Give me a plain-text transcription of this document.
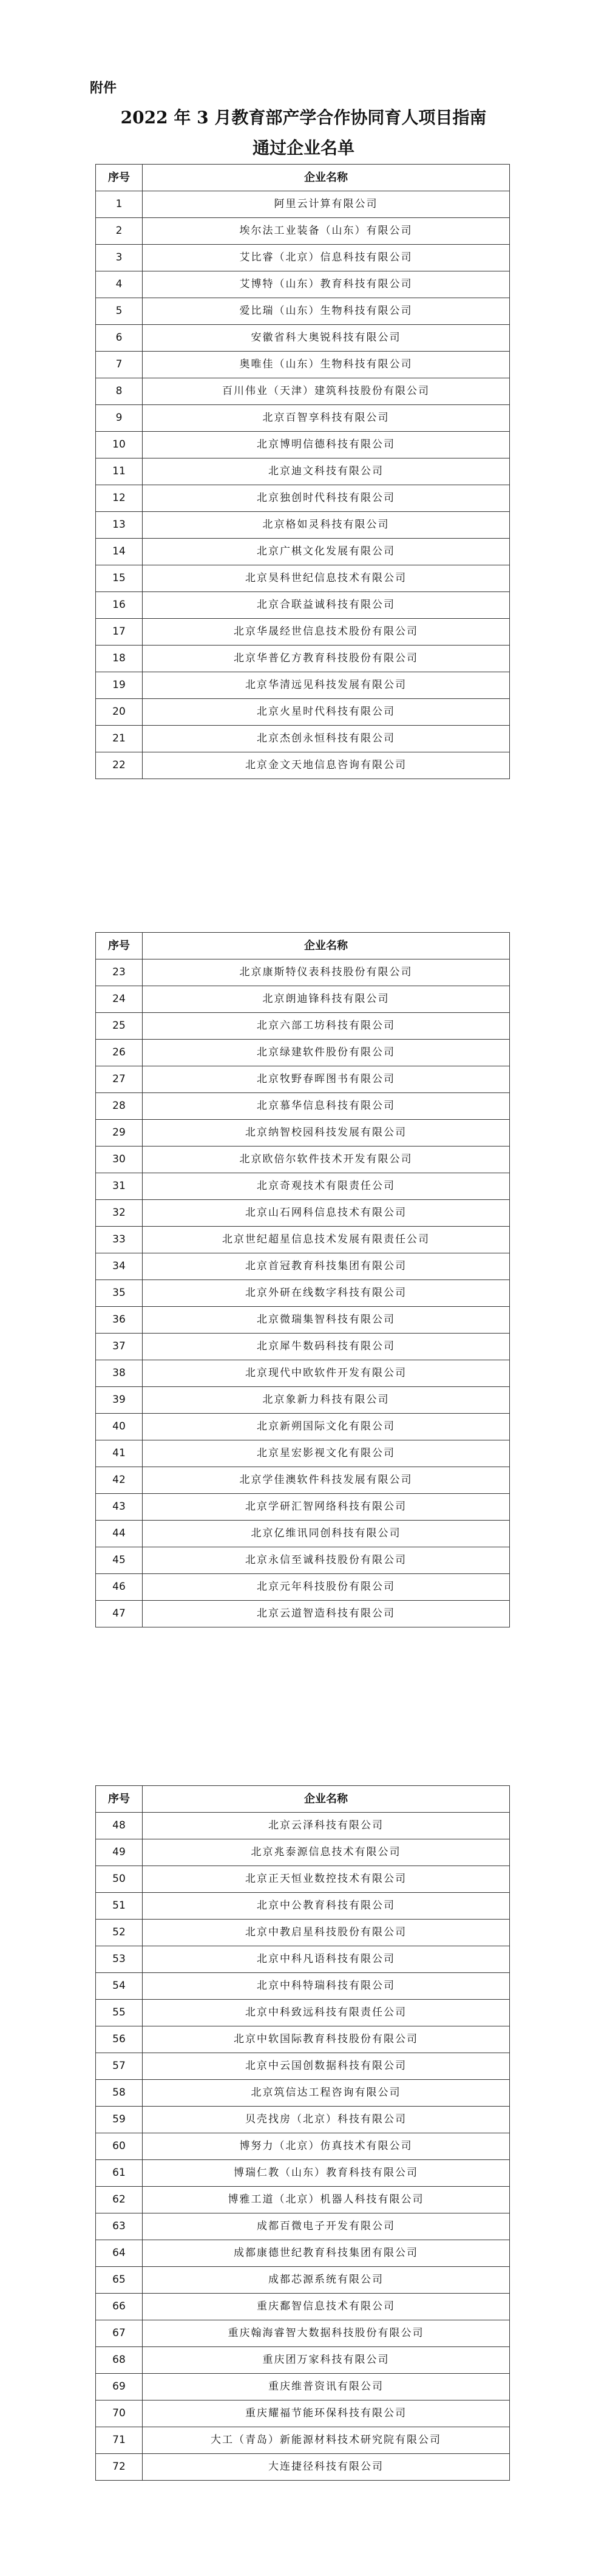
附件
2022 年 3 月教育部产学合作协同育人项目指南
通过企业名单
序号	企业名称
1	阿里云计算有限公司
2	埃尔法工业装备（山东）有限公司
3	艾比睿（北京）信息科技有限公司
4	艾博特（山东）教育科技有限公司
5	爱比瑞（山东）生物科技有限公司
6	安徽省科大奥锐科技有限公司
7	奥唯佳（山东）生物科技有限公司
8	百川伟业（天津）建筑科技股份有限公司
9	北京百智享科技有限公司
10	北京博明信德科技有限公司
11	北京迪文科技有限公司
12	北京独创时代科技有限公司
13	北京格如灵科技有限公司
14	北京广棋文化发展有限公司
15	北京昊科世纪信息技术有限公司
16	北京合联益诚科技有限公司
17	北京华晟经世信息技术股份有限公司
18	北京华普亿方教育科技股份有限公司
19	北京华清远见科技发展有限公司
20	北京火星时代科技有限公司
21	北京杰创永恒科技有限公司
22	北京金文天地信息咨询有限公司
序号	企业名称
23	北京康斯特仪表科技股份有限公司
24	北京朗迪锋科技有限公司
25	北京六部工坊科技有限公司
26	北京绿建软件股份有限公司
27	北京牧野春晖图书有限公司
28	北京慕华信息科技有限公司
29	北京纳智校园科技发展有限公司
30	北京欧倍尔软件技术开发有限公司
31	北京奇观技术有限责任公司
32	北京山石网科信息技术有限公司
33	北京世纪超星信息技术发展有限责任公司
34	北京首冠教育科技集团有限公司
35	北京外研在线数字科技有限公司
36	北京微瑞集智科技有限公司
37	北京犀牛数码科技有限公司
38	北京现代中欧软件开发有限公司
39	北京象新力科技有限公司
40	北京新朔国际文化有限公司
41	北京星宏影视文化有限公司
42	北京学佳澳软件科技发展有限公司
43	北京学研汇智网络科技有限公司
44	北京亿维讯同创科技有限公司
45	北京永信至诚科技股份有限公司
46	北京元年科技股份有限公司
47	北京云道智造科技有限公司
序号	企业名称
48	北京云泽科技有限公司
49	北京兆泰源信息技术有限公司
50	北京正天恒业数控技术有限公司
51	北京中公教育科技有限公司
52	北京中教启星科技股份有限公司
53	北京中科凡语科技有限公司
54	北京中科特瑞科技有限公司
55	北京中科致远科技有限责任公司
56	北京中软国际教育科技股份有限公司
57	北京中云国创数据科技有限公司
58	北京筑信达工程咨询有限公司
59	贝壳找房（北京）科技有限公司
60	博努力（北京）仿真技术有限公司
61	博瑞仁教（山东）教育科技有限公司
62	博雅工道（北京）机器人科技有限公司
63	成都百微电子开发有限公司
64	成都康德世纪教育科技集团有限公司
65	成都芯源系统有限公司
66	重庆鄱智信息技术有限公司
67	重庆翰海睿智大数据科技股份有限公司
68	重庆团万家科技有限公司
69	重庆维普资讯有限公司
70	重庆耀福节能环保科技有限公司
71	大工（青岛）新能源材料技术研究院有限公司
72	大连捷径科技有限公司
